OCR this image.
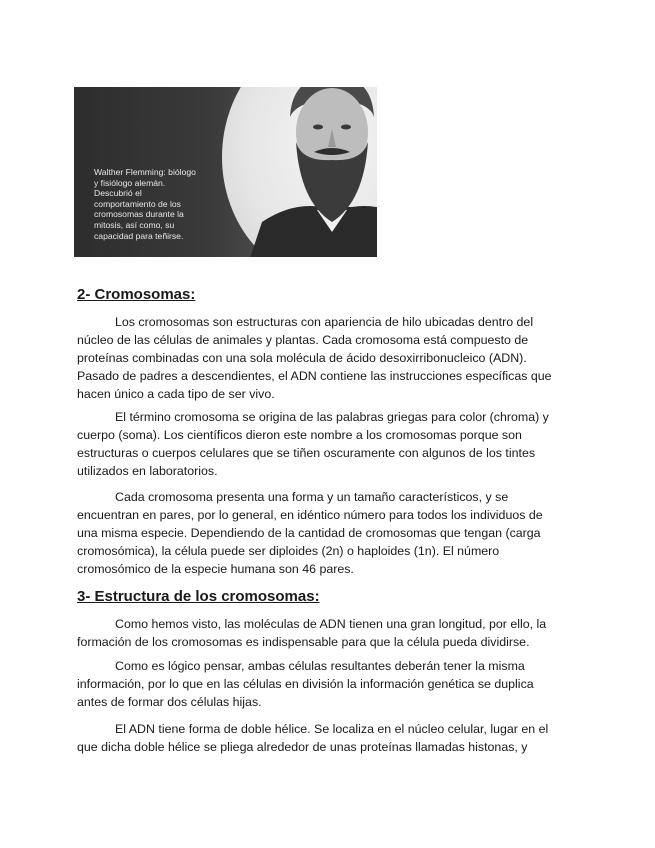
Walther Flemming: biólogo
y fisiólogo alemán.
Descubrió el
comportamiento de los
cromosomas durante la
mitosis, así como, su
capacidad para teñirse.
2- Cromosomas:
Los cromosomas son estructuras con apariencia de hilo ubicadas dentro del
núcleo de las células de animales y plantas. Cada cromosoma está compuesto de
proteínas combinadas con una sola molécula de ácido desoxirribonucleico (ADN).
Pasado de padres a descendientes, el ADN contiene las instrucciones específicas que
hacen único a cada tipo de ser vivo.
El término cromosoma se origina de las palabras griegas para color (chroma) y
cuerpo (soma). Los científicos dieron este nombre a los cromosomas porque son
estructuras o cuerpos celulares que se tiñen oscuramente con algunos de los tintes
utilizados en laboratorios.
Cada cromosoma presenta una forma y un tamaño característicos, y se
encuentran en pares, por lo general, en idéntico número para todos los individuos de
una misma especie. Dependiendo de la cantidad de cromosomas que tengan (carga
cromosómica), la célula puede ser diploides (2n) o haploides (1n). El número
cromosómico de la especie humana son 46 pares.
3- Estructura de los cromosomas:
Como hemos visto, las moléculas de ADN tienen una gran longitud, por ello, la
formación de los cromosomas es indispensable para que la célula pueda dividirse.
Como es lógico pensar, ambas células resultantes deberán tener la misma
información, por lo que en las células en división la información genética se duplica
antes de formar dos células hijas.
El ADN tiene forma de doble hélice. Se localiza en el núcleo celular, lugar en el
que dicha doble hélice se pliega alrededor de unas proteínas llamadas histonas, y
